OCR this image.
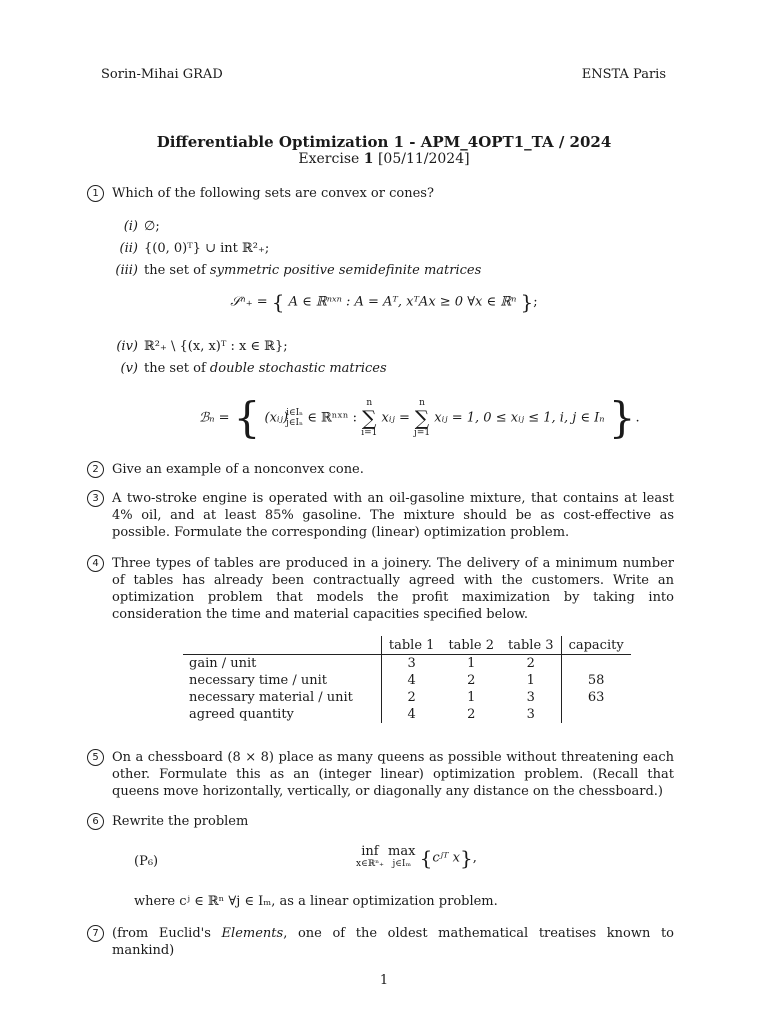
Sorin-Mihai GRAD	ENSTA Paris
Differentiable Optimization 1 - APM_4OPT1_TA / 2024
Exercise 1 [05/11/2024]
1	Which of the following sets are convex or cones?
(i) ∅;
(ii) {(0, 0)ᵀ} ∪ int ℝ²₊;
(iii) the set of symmetric positive semidefinite matrices
𝒮ⁿ₊ = { A ∈ ℝⁿˣⁿ : A = Aᵀ, xᵀAx ≥ 0 ∀x ∈ ℝⁿ };
(iv) ℝ²₊ \ {(x, x)ᵀ : x ∈ ℝ};
(v) the set of double stochastic matrices
ℬₙ = { (xᵢⱼ)
i∈Iₙ
j∈Iₙ ∈ ℝⁿˣⁿ :
n
∑
i=1
xᵢⱼ =
n
∑
j=1
xᵢⱼ = 1, 0 ≤ xᵢⱼ ≤ 1, i, j ∈ Iₙ }.
2	Give an example of a nonconvex cone.
3	A two-stroke engine is operated with an oil-gasoline mixture, that contains at least 4% oil, and at least 85% gasoline. The mixture should be as cost-effective as possible. Formulate the corresponding (linear) optimization problem.
4	Three types of tables are produced in a joinery. The delivery of a minimum number of tables has already been contractually agreed with the customers. Write an optimization problem that models the profit maximization by taking into consideration the time and material capacities specified below.
	table 1	table 2	table 3	capacity
gain / unit	3	1	2	
necessary time / unit	4	2	1	58
necessary material / unit	2	1	3	63
agreed quantity	4	2	3	
5	On a chessboard (8 × 8) place as many queens as possible without threatening each other. Formulate this as an (integer linear) optimization problem. (Recall that queens move horizontally, vertically, or diagonally any distance on the chessboard.)
6	Rewrite the problem
(P₆)
inf
x∈ℝⁿ₊

max
j∈Iₘ {cʲᵀ x},
where cʲ ∈ ℝⁿ ∀j ∈ Iₘ, as a linear optimization problem.
7	(from Euclid's Elements, one of the oldest mathematical treatises known to mankind)
1
